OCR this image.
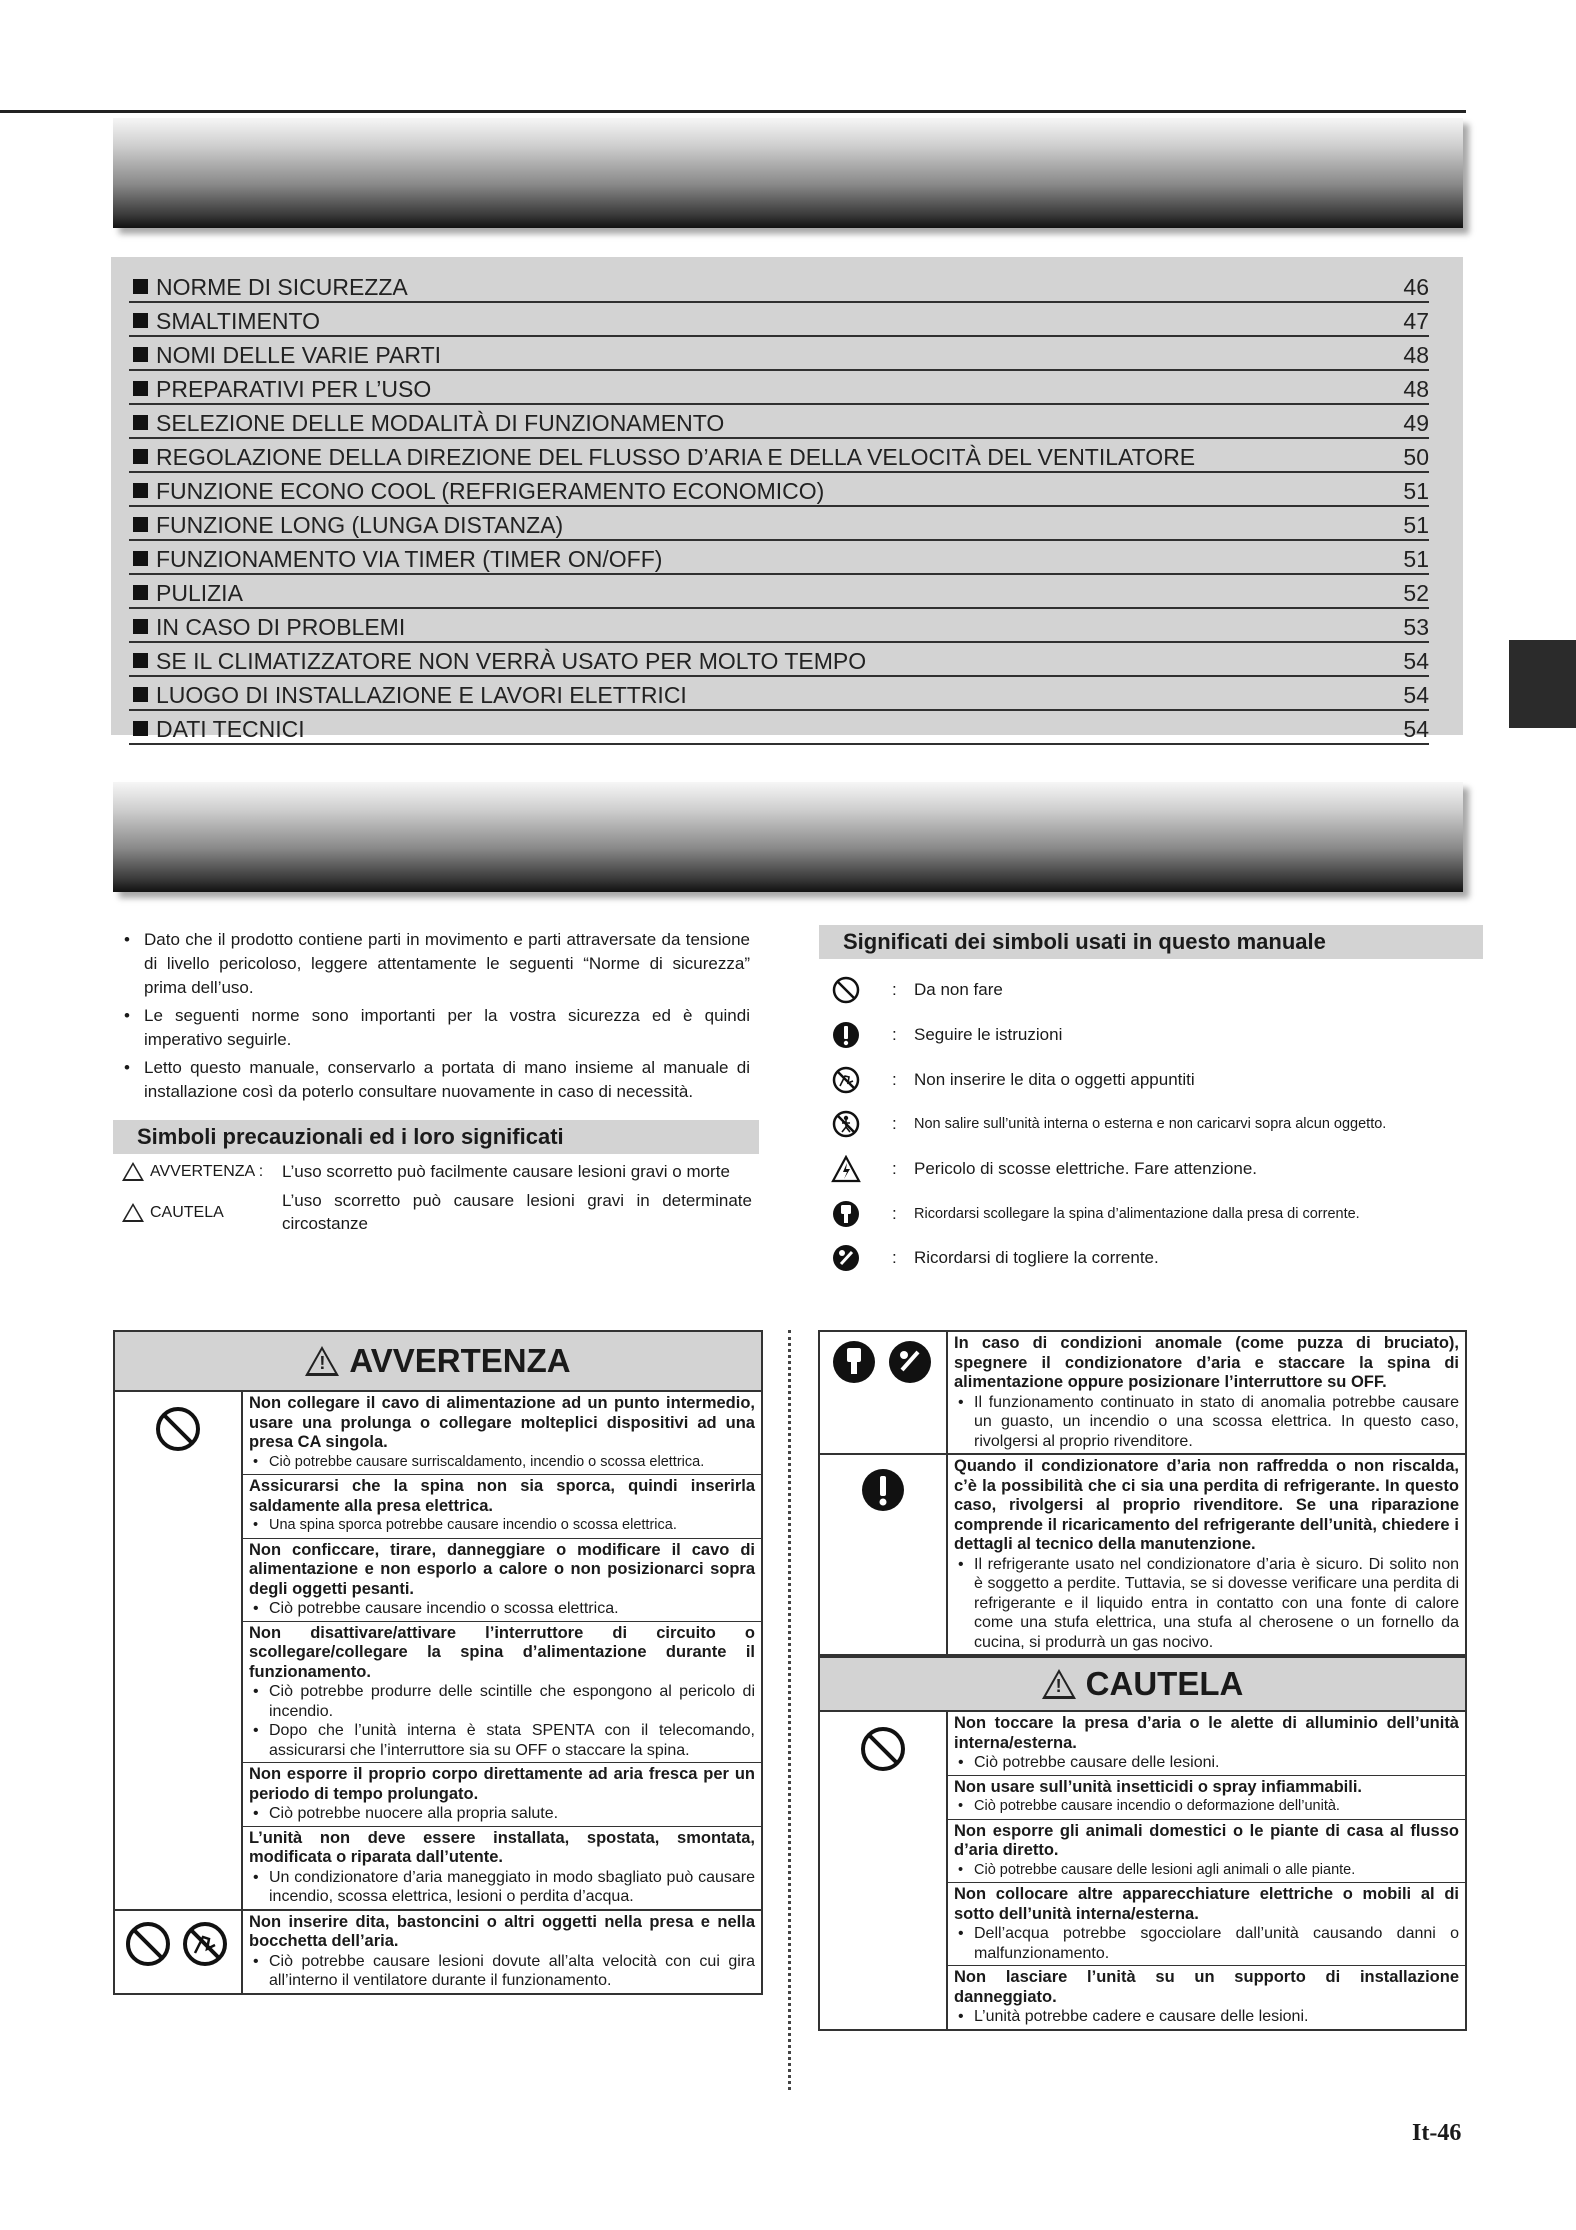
NORME DI SICUREZZA	46
SMALTIMENTO	47
NOMI DELLE VARIE PARTI	48
PREPARATIVI PER L’USO	48
SELEZIONE DELLE MODALITÀ DI FUNZIONAMENTO	49
REGOLAZIONE DELLA DIREZIONE DEL FLUSSO D’ARIA E DELLA VELOCITÀ DEL VENTILATORE	50
FUNZIONE ECONO COOL (REFRIGERAMENTO ECONOMICO)	51
FUNZIONE LONG (LUNGA DISTANZA)	51
FUNZIONAMENTO VIA TIMER (TIMER ON/OFF)	51
PULIZIA	52
IN CASO DI PROBLEMI	53
SE IL CLIMATIZZATORE NON VERRÀ USATO PER MOLTO TEMPO	54
LUOGO DI INSTALLAZIONE E LAVORI ELETTRICI	54
DATI TECNICI	54
• Dato che il prodotto contiene parti in movimento e parti attraversate da tensione di livello pericoloso, leggere attentamente le seguenti “Norme di sicurezza” prima dell’uso.
• Le seguenti norme sono importanti per la vostra sicurezza ed è quindi imperativo seguirle.
• Letto questo manuale, conservarlo a portata di mano insieme al manuale di installazione così da poterlo consultare nuovamente in caso di necessità.
Simboli precauzionali ed i loro significati
AVVERTENZA : L’uso scorretto può facilmente causare lesioni gravi o morte
CAUTELA
L’uso scorretto può causare lesioni gravi in determinate circostanze
Significati dei simboli usati in questo manuale
:	Da non fare
:	Seguire le istruzioni
:	Non inserire le dita o oggetti appuntiti
:	Non salire sull’unità interna o esterna e non caricarvi sopra alcun oggetto.
:	Pericolo di scosse elettriche. Fare attenzione.
:	Ricordarsi scollegare la spina d’alimentazione dalla presa di corrente.
:	Ricordarsi di togliere la corrente.
! AVVERTENZA
Non collegare il cavo di alimentazione ad un punto intermedio, usare una prolunga o collegare molteplici dispositivi ad una presa CA singola.
• Ciò potrebbe causare surriscaldamento, incendio o scossa elettrica.
Assicurarsi che la spina non sia sporca, quindi inserirla saldamente alla presa elettrica.
• Una spina sporca potrebbe causare incendio o scossa elettrica.
Non conficcare, tirare, danneggiare o modificare il cavo di alimentazione e non esporlo a calore o non posizionarci sopra degli oggetti pesanti.
• Ciò potrebbe causare incendio o scossa elettrica.
Non disattivare/attivare l’interruttore di circuito o scollegare/collegare la spina d’alimentazione durante il funzionamento.
• Ciò potrebbe produrre delle scintille che espongono al pericolo di incendio.
• Dopo che l’unità interna è stata SPENTA con il telecomando, assicurarsi che l’interruttore sia su OFF o staccare la spina.
Non esporre il proprio corpo direttamente ad aria fresca per un periodo di tempo prolungato.
• Ciò potrebbe nuocere alla propria salute.
L’unità non deve essere installata, spostata, smontata, modificata o riparata dall’utente.
• Un condizionatore d’aria maneggiato in modo sbagliato può causare incendio, scossa elettrica, lesioni o perdita d’acqua.
Non inserire dita, bastoncini o altri oggetti nella presa e nella bocchetta dell’aria.
• Ciò potrebbe causare lesioni dovute all’alta velocità con cui gira all’interno il ventilatore durante il funzionamento.
In caso di condizioni anomale (come puzza di bruciato), spegnere il condizionatore d’aria e staccare la spina di alimentazione oppure posizionare l’interruttore su OFF.
• Il funzionamento continuato in stato di anomalia potrebbe causare un guasto, un incendio o una scossa elettrica. In questo caso, rivolgersi al proprio rivenditore.
Quando il condizionatore d’aria non raffredda o non riscalda, c’è la possibilità che ci sia una perdita di refrigerante. In questo caso, rivolgersi al proprio rivenditore. Se una riparazione comprende il ricaricamento del refrigerante dell’unità, chiedere i dettagli al tecnico della manutenzione.
• Il refrigerante usato nel condizionatore d’aria è sicuro. Di solito non è soggetto a perdite. Tuttavia, se si dovesse verificare una perdita di refrigerante e il liquido entra in contatto con una fonte di calore come una stufa elettrica, una stufa al cherosene o un fornello da cucina, si produrrà un gas nocivo.
! CAUTELA
Non toccare la presa d’aria o le alette di alluminio dell’unità interna/esterna.
• Ciò potrebbe causare delle lesioni.
Non usare sull’unità insetticidi o spray infiammabili.
• Ciò potrebbe causare incendio o deformazione dell’unità.
Non esporre gli animali domestici o le piante di casa al flusso d’aria diretto.
• Ciò potrebbe causare delle lesioni agli animali o alle piante.
Non collocare altre apparecchiature elettriche o mobili al di sotto dell’unità interna/esterna.
• Dell’acqua potrebbe sgocciolare dall’unità causando danni o malfunzionamento.
Non lasciare l’unità su un supporto di installazione danneggiato.
• L’unità potrebbe cadere e causare delle lesioni.
It-46
